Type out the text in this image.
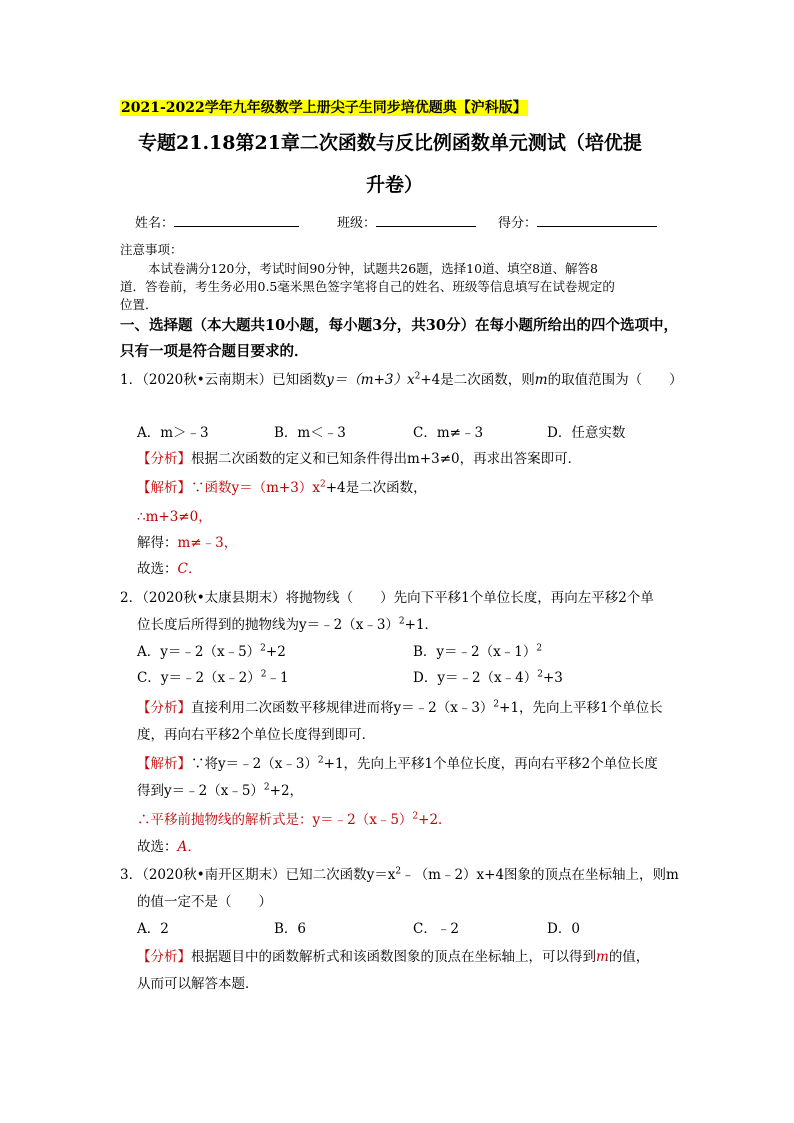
2021-2022学年九年级数学上册尖子生同步培优题典【沪科版】
专题21.18第21章二次函数与反比例函数单元测试（培优提
升卷）
姓名：	班级：	得分：
注意事项：
本试卷满分120分，考试时间90分钟，试题共26题，选择10道、填空8道、解答8
道．答卷前，考生务必用0.5毫米黑色签字笔将自己的姓名、班级等信息填写在试卷规定的
位置．
一、选择题（本大题共10小题，每小题3分，共30分）在每小题所给出的四个选项中，
只有一项是符合题目要求的．
1．（2020秋•云南期末）已知函数$y=(m+3)x^2+4$是二次函数，则m的取值范围为（　　）
A．m＞﹣3	B．m＜﹣3	C．m≠﹣3	D．任意实数
【分析】根据二次函数的定义和已知条件得出m+3≠0，再求出答案即可．
【解析】∵函数$y=(m+3)x^2+4$是二次函数，
∴m+3≠0，
解得：m≠﹣3，
故选：C．
2．（2020秋•太康县期末）将抛物线（　　）先向下平移1个单位长度，再向左平移2个单
位长度后所得到的抛物线为y＝﹣2（x﹣3）$^2$+1．
A．y＝﹣2（x﹣5）$^2$+2	B．y＝﹣2（x﹣1）$^2$
C．y＝﹣2（x﹣2）$^2$﹣1	D．y＝﹣2（x﹣4）$^2$+3
【分析】直接利用二次函数平移规律进而将y＝﹣2（x﹣3）$^2$+1，先向上平移1个单位长
度，再向右平移2个单位长度得到即可．
【解析】∵将y＝﹣2（x﹣3）$^2$+1，先向上平移1个单位长度，再向右平移2个单位长度
得到y＝﹣2（x﹣5）$^2$+2，
∴平移前抛物线的解析式是：y＝﹣2（x﹣5）$^2$+2．
故选：A．
3．（2020秋•南开区期末）已知二次函数$y=x^2﹣(m﹣2)x+4$图象的顶点在坐标轴上，则m
的值一定不是（　　）
A．2	B．6	C．﹣2	D．0
【分析】根据题目中的函数解析式和该函数图象的顶点在坐标轴上，可以得到m的值，
从而可以解答本题．
